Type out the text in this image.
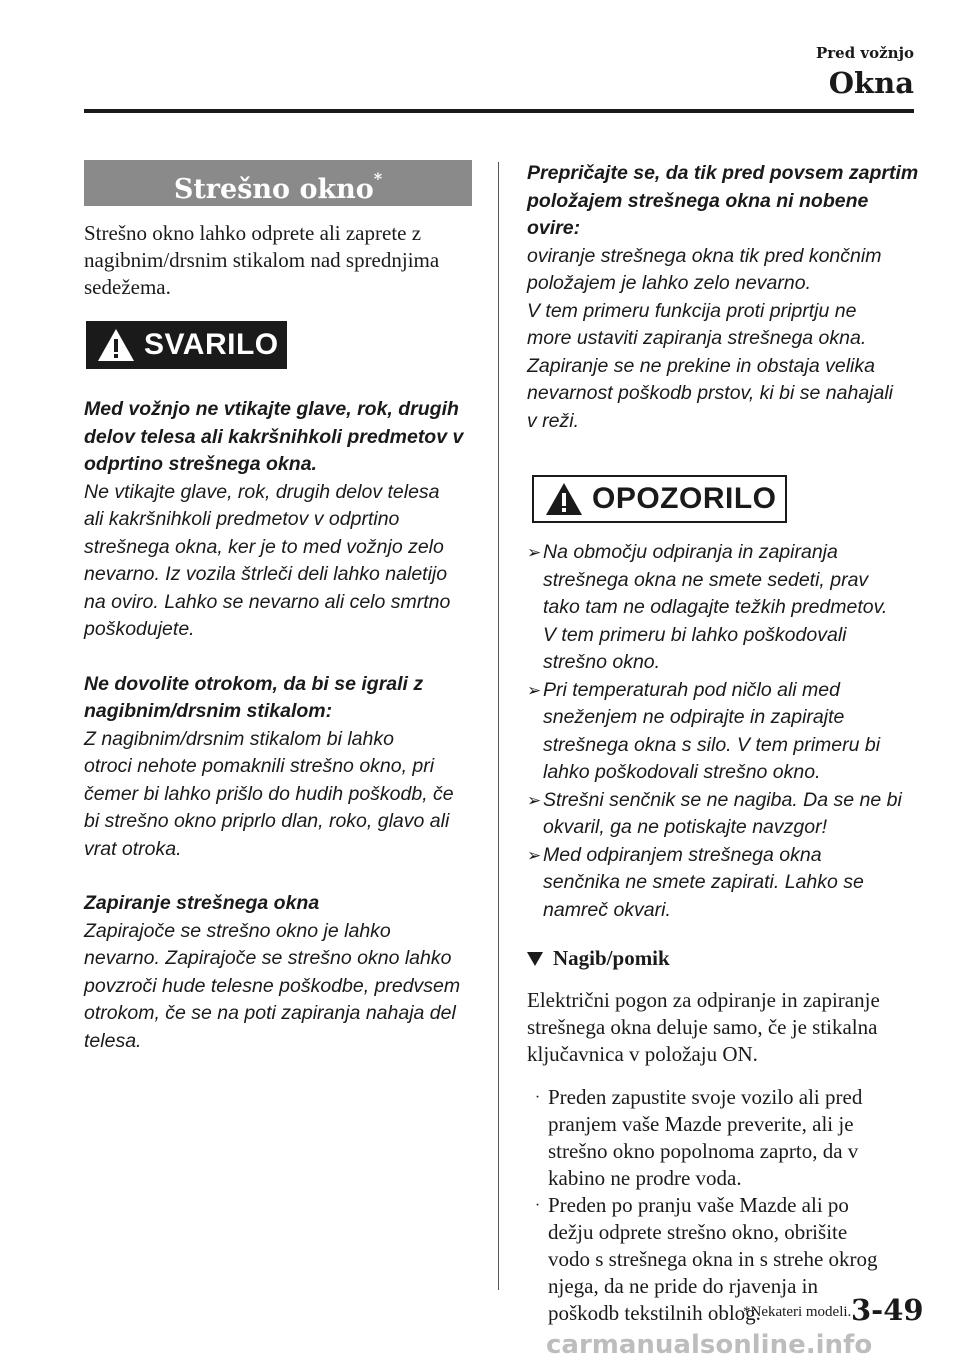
Pred vožnjo
Okna
Strešno okno*

Strešno okno lahko odprete ali zaprete z

nagibnim/drsnim stikalom nad sprednjima

sedežema.

SVARILO

Med vožnjo ne vtikajte glave, rok, drugih

delov telesa ali kakršnihkoli predmetov v

odprtino strešnega okna.

Ne vtikajte glave, rok, drugih delov telesa

ali kakršnihkoli predmetov v odprtino

strešnega okna, ker je to med vožnjo zelo

nevarno. Iz vozila štrleči deli lahko naletijo

na oviro. Lahko se nevarno ali celo smrtno

poškodujete.

Ne dovolite otrokom, da bi se igrali z

nagibnim/drsnim stikalom:

Z nagibnim/drsnim stikalom bi lahko

otroci nehote pomaknili strešno okno, pri

čemer bi lahko prišlo do hudih poškodb, če

bi strešno okno priprlo dlan, roko, glavo ali

vrat otroka.

Zapiranje strešnega okna

Zapirajoče se strešno okno je lahko

nevarno. Zapirajoče se strešno okno lahko

povzroči hude telesne poškodbe, predvsem

otrokom, če se na poti zapiranja nahaja del

telesa.

Prepričajte se, da tik pred povsem zaprtim

položajem strešnega okna ni nobene ovire:

oviranje strešnega okna tik pred končnim

položajem je lahko zelo nevarno.

V tem primeru funkcija proti priprtju ne

more ustaviti zapiranja strešnega okna.

Zapiranje se ne prekine in obstaja velika

nevarnost poškodb prstov, ki bi se nahajali

v reži.

OPOZORILO
➢ Na območju odpiranja in zapiranja
strešnega okna ne smete sedeti, prav
tako tam ne odlagajte težkih predmetov.
V tem primeru bi lahko poškodovali
strešno okno.
➢ Pri temperaturah pod ničlo ali med
sneženjem ne odpirajte in zapirajte
strešnega okna s silo. V tem primeru bi
lahko poškodovali strešno okno.
➢ Strešni senčnik se ne nagiba. Da se ne bi
okvaril, ga ne potiskajte navzgor!
➢ Med odpiranjem strešnega okna
senčnika ne smete zapirati. Lahko se
namreč okvari.
Nagib/pomik

Električni pogon za odpiranje in zapiranje

strešnega okna deluje samo, če je stikalna

ključavnica v položaju ON.

· Preden zapustite svoje vozilo ali pred
pranjem vaše Mazde preverite, ali je
strešno okno popolnoma zaprto, da v
kabino ne prodre voda.
· Preden po pranju vaše Mazde ali po
dežju odprete strešno okno, obrišite
vodo s strešnega okna in s strehe okrog
njega, da ne pride do rjavenja in
poškodb tekstilnih oblog.
*Nekateri modeli. 3-49
carmanualsonline.info
